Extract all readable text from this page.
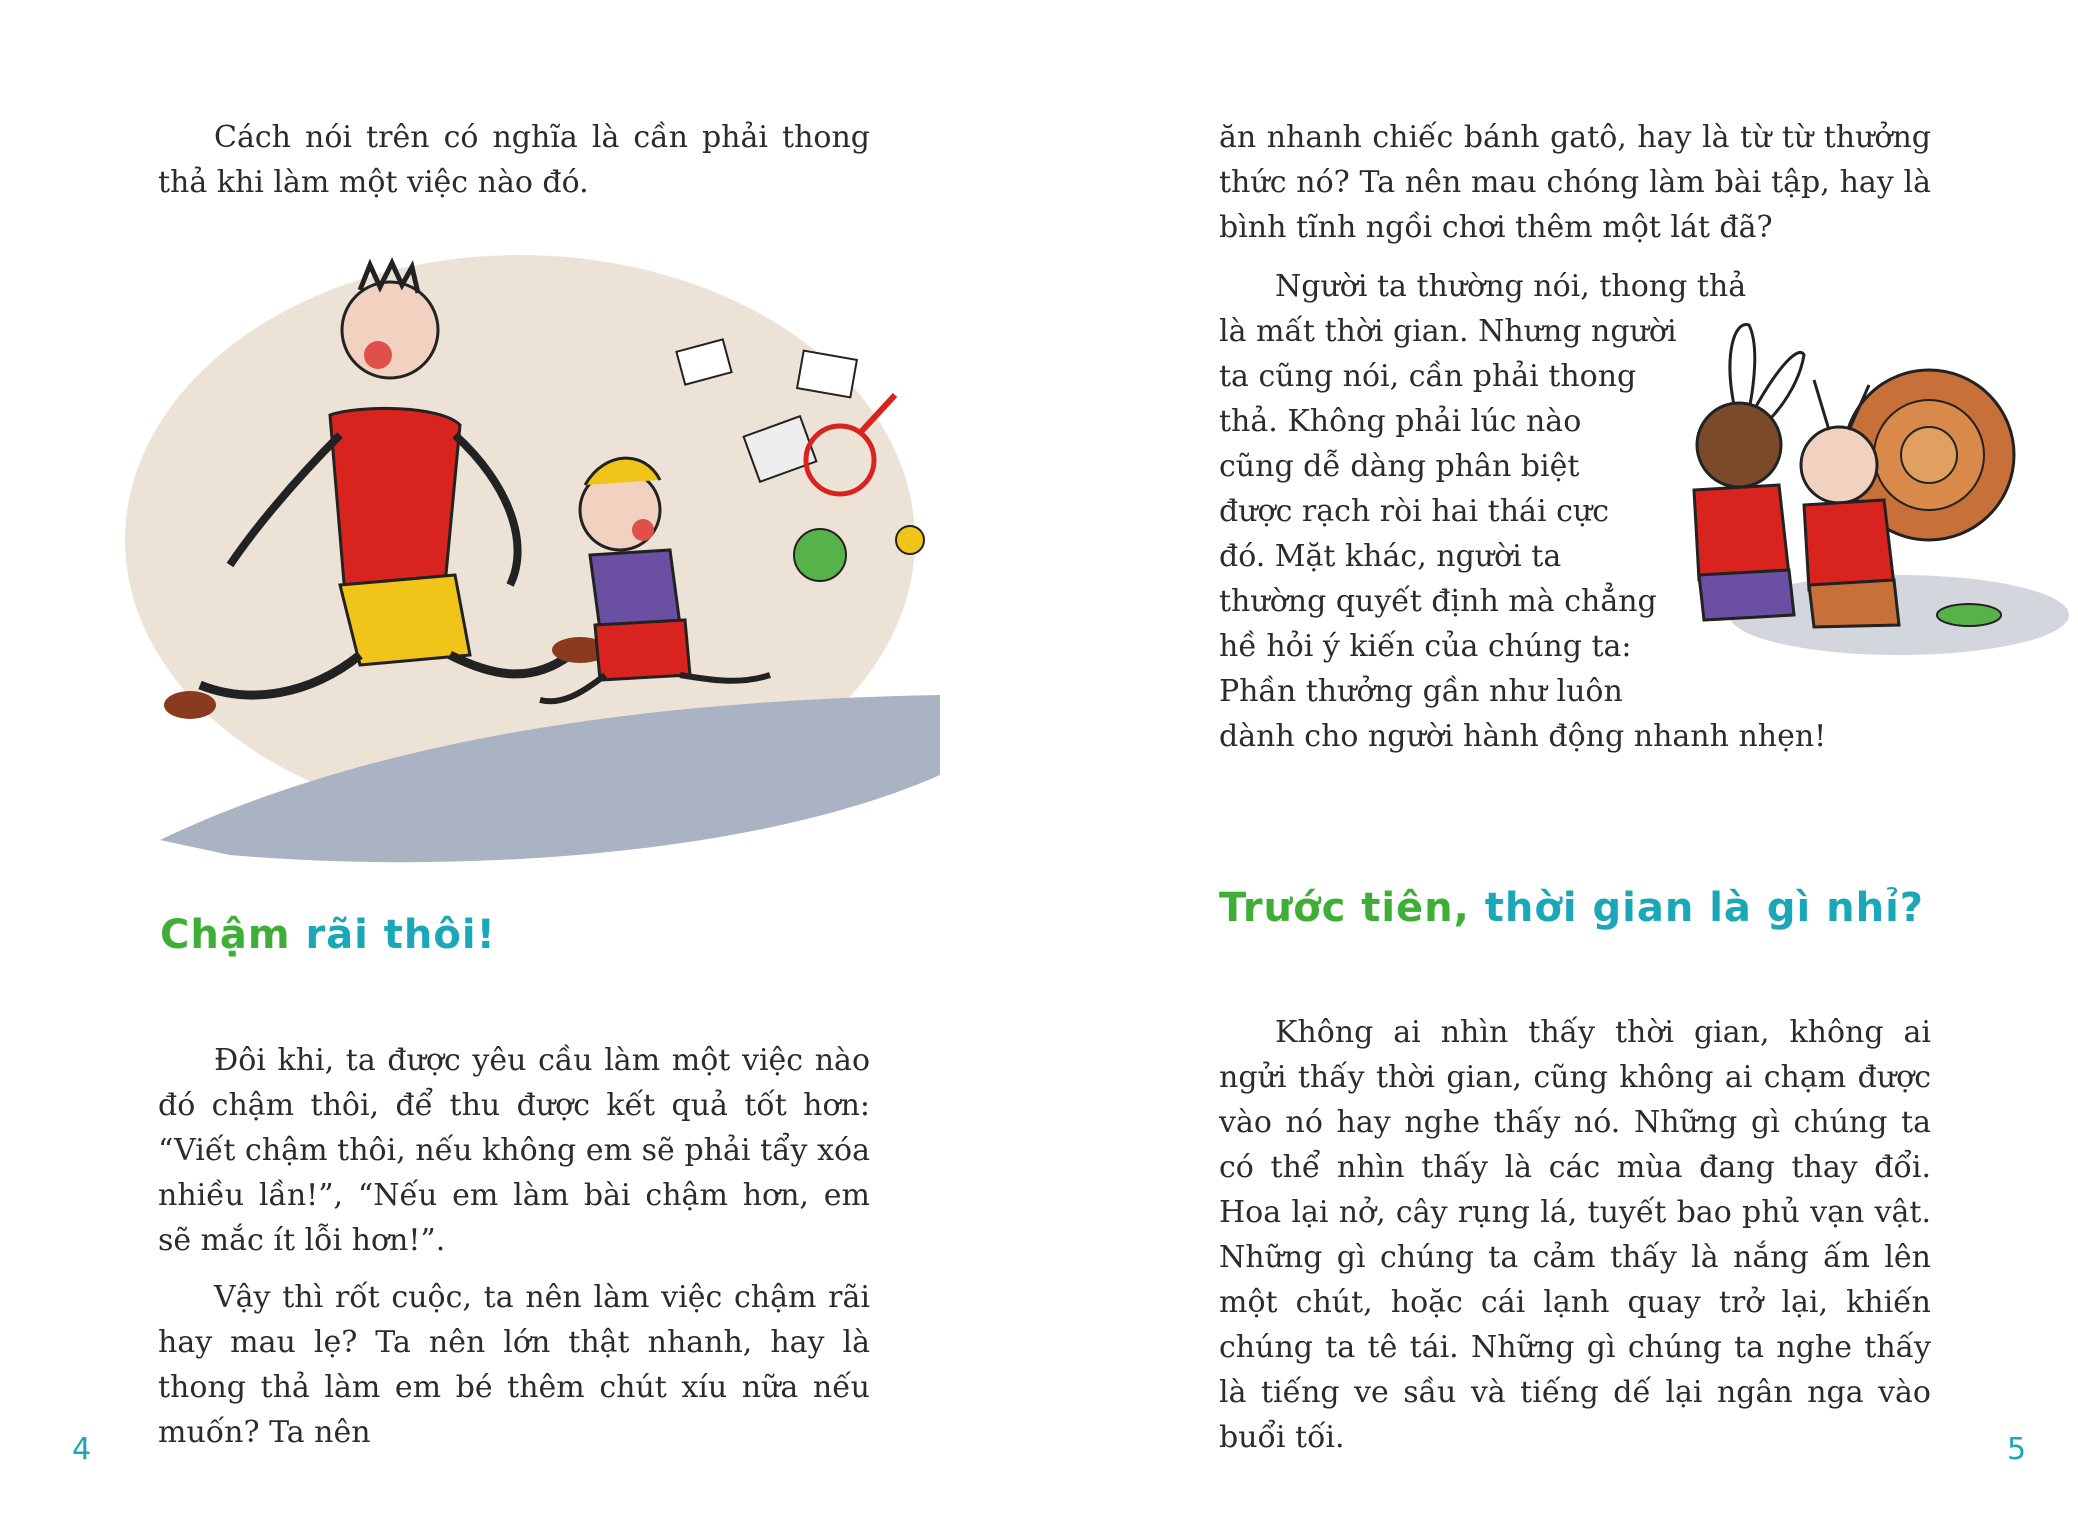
Cách nói trên có nghĩa là cần phải thong thả khi làm một việc nào đó.

Chậm rãi thôi!

Đôi khi, ta được yêu cầu làm một việc nào đó chậm thôi, để thu được kết quả tốt hơn: “Viết chậm thôi, nếu không em sẽ phải tẩy xóa nhiều lần!”, “Nếu em làm bài chậm hơn, em sẽ mắc ít lỗi hơn!”.

Vậy thì rốt cuộc, ta nên làm việc chậm rãi hay mau lẹ? Ta nên lớn thật nhanh, hay là thong thả làm em bé thêm chút xíu nữa nếu muốn? Ta nên

4

ăn nhanh chiếc bánh gatô, hay là từ từ thưởng thức nó? Ta nên mau chóng làm bài tập, hay là bình tĩnh ngồi chơi thêm một lát đã?

Người ta thường nói, thong thả
là mất thời gian. Nhưng người
ta cũng nói, cần phải thong
thả. Không phải lúc nào
cũng dễ dàng phân biệt
được rạch ròi hai thái cực
đó. Mặt khác, người ta
thường quyết định mà chẳng
hề hỏi ý kiến của chúng ta:
Phần thưởng gần như luôn
dành cho người hành động nhanh nhẹn!
Trước tiên, thời gian là gì nhỉ?

Không ai nhìn thấy thời gian, không ai ngửi thấy thời gian, cũng không ai chạm được vào nó hay nghe thấy nó. Những gì chúng ta có thể nhìn thấy là các mùa đang thay đổi. Hoa lại nở, cây rụng lá, tuyết bao phủ vạn vật. Những gì chúng ta cảm thấy là nắng ấm lên một chút, hoặc cái lạnh quay trở lại, khiến chúng ta tê tái. Những gì chúng ta nghe thấy là tiếng ve sầu và tiếng dế lại ngân nga vào buổi tối.	5
